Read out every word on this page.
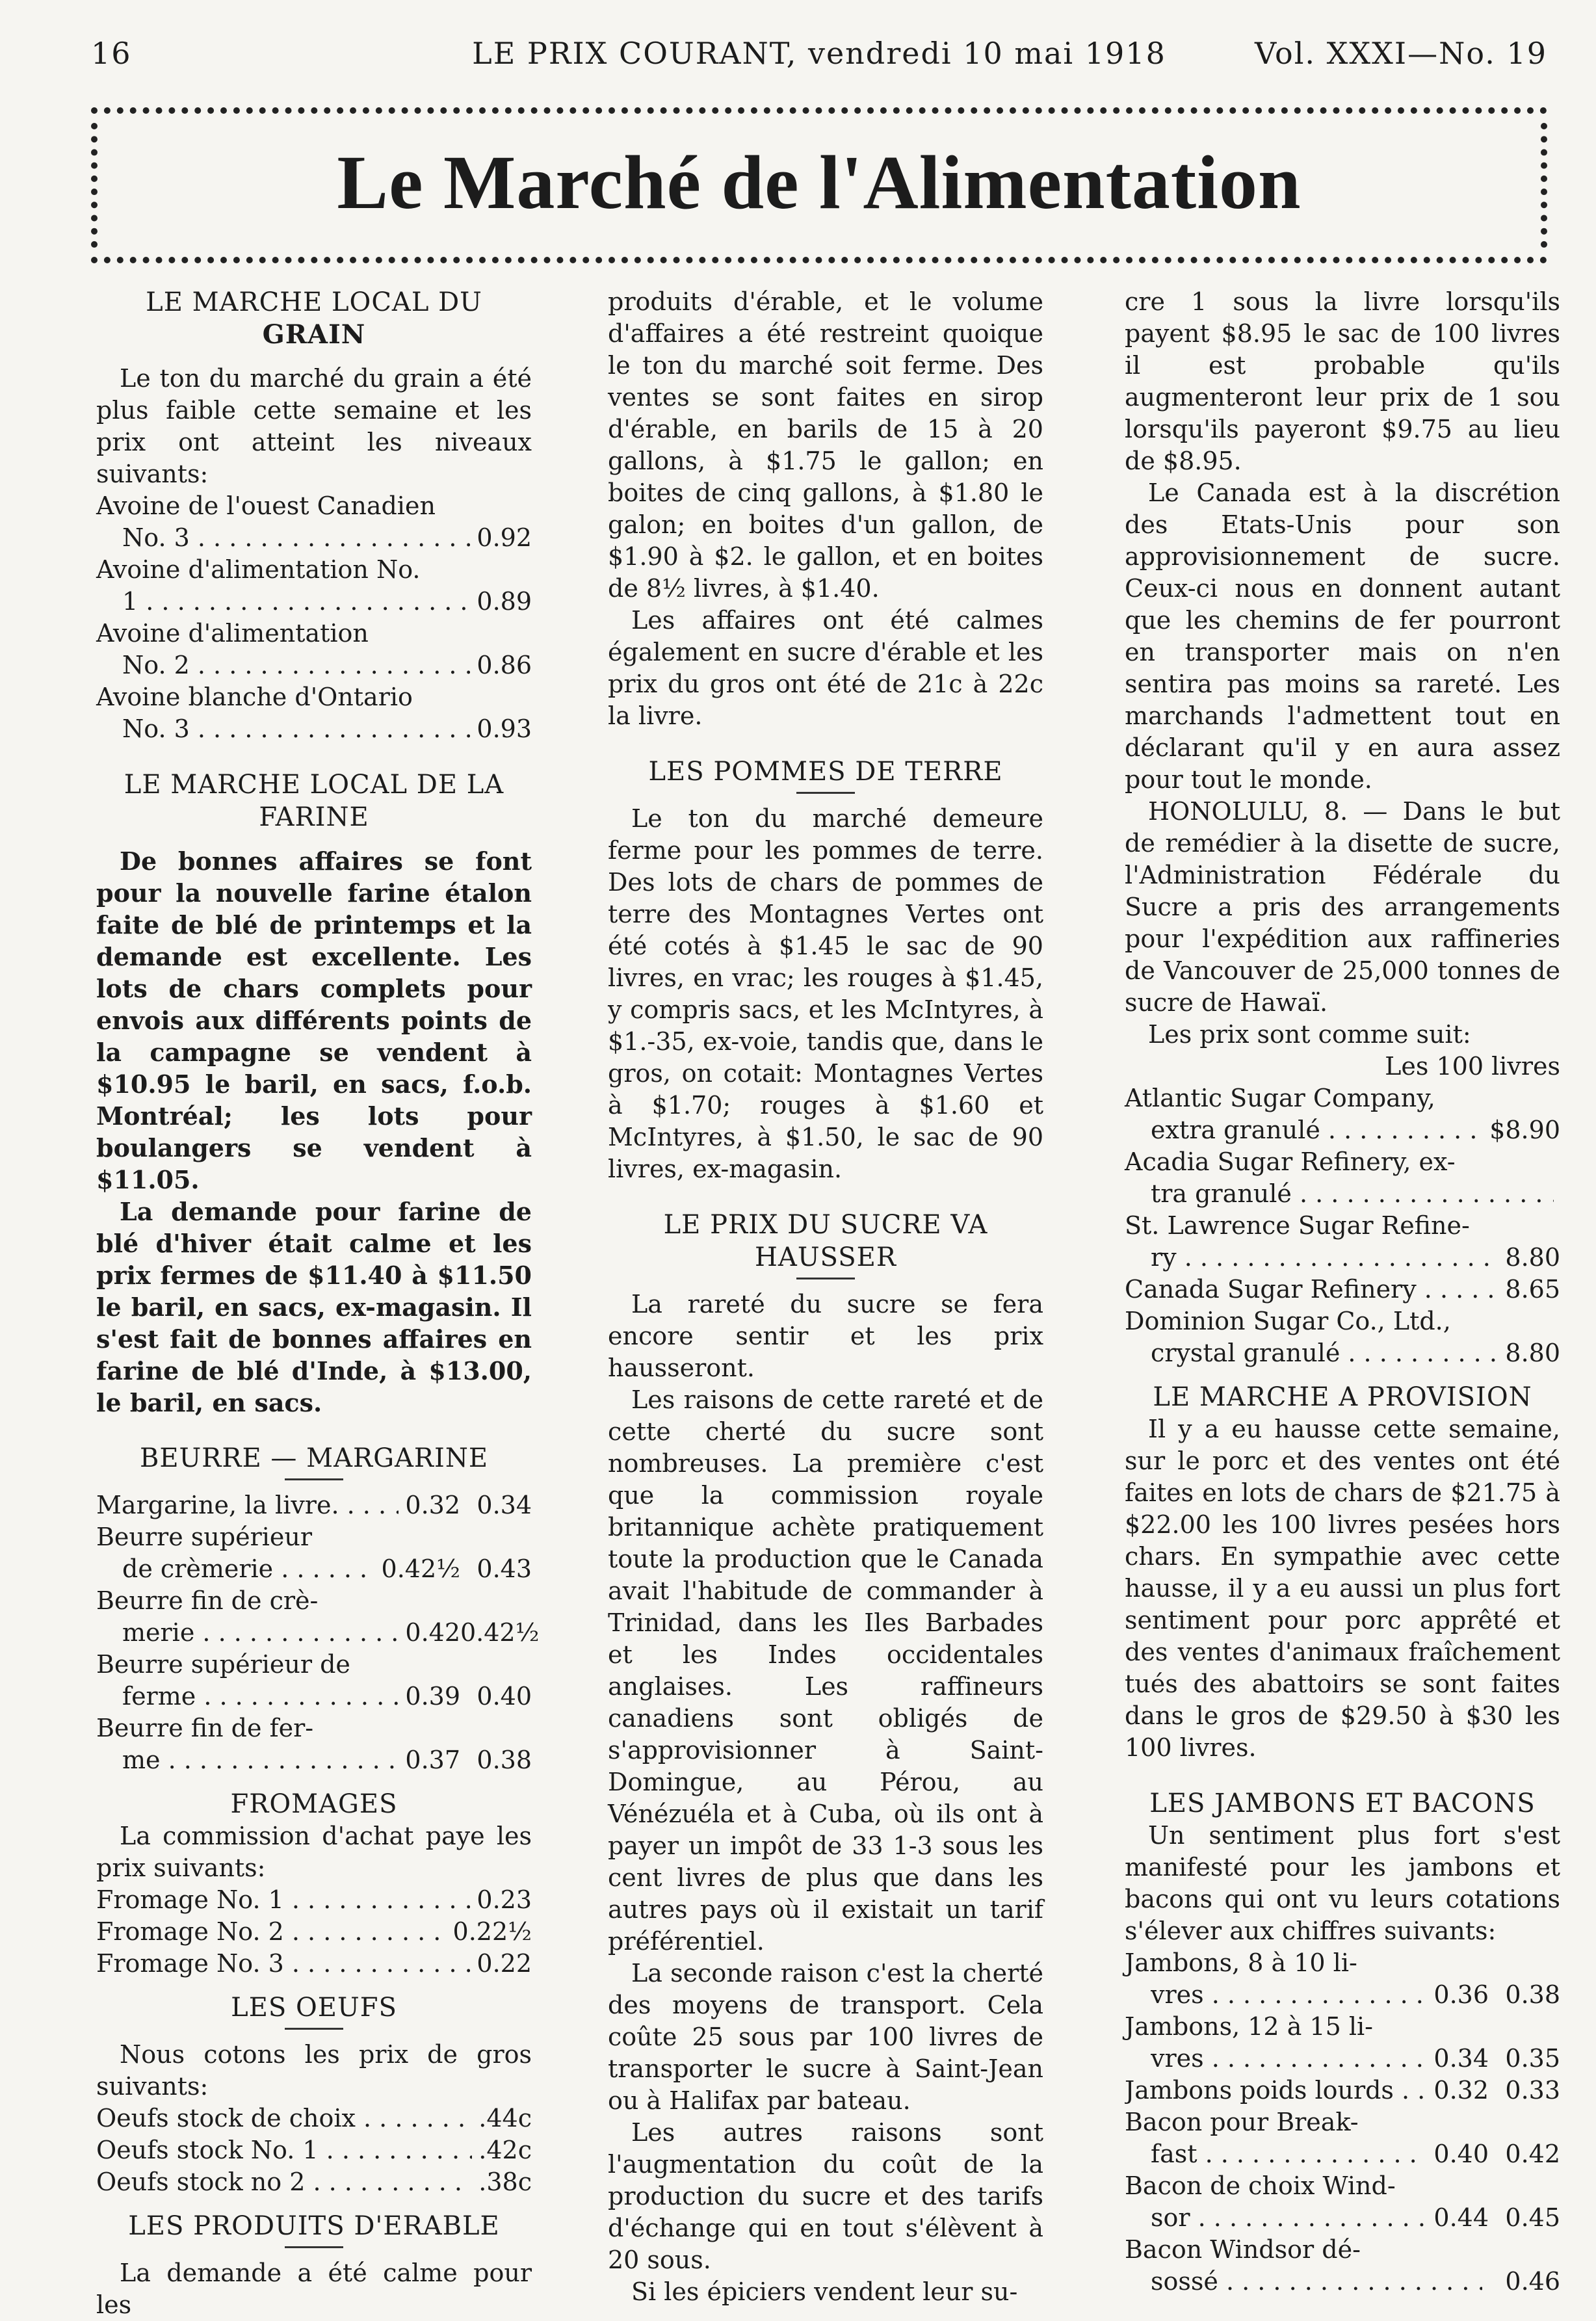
16	LE PRIX COURANT, vendredi 10 mai 1918	Vol. XXXI—No. 19
Le Marché de l'Alimentation
LE MARCHE LOCAL DU
GRAIN

Le ton du marché du grain a été plus faible cette semaine et les prix ont atteint les niveaux suivants:

Avoine de l'ouest Canadien
No. 3 . . .	0.92
Avoine d'alimentation No.
1 . . .	0.89
Avoine d'alimentation
No. 2 . . .	0.86
Avoine blanche d'Ontario
No. 3 . . .	0.93
LE MARCHE LOCAL DE LA FARINE

De bonnes affaires se font pour la nouvelle farine étalon faite de blé de printemps et la demande est excellente. Les lots de chars complets pour envois aux différents points de la campagne se vendent à $10.95 le baril, en sacs, f.o.b. Montréal; les lots pour boulangers se vendent à $11.05.

La demande pour farine de blé d'hiver était calme et les prix fermes de $11.40 à $11.50 le baril, en sacs, ex-magasin. Il s'est fait de bonnes affaires en farine de blé d'Inde, à $13.00, le baril, en sacs.

BEURRE — MARGARINE
Margarine, la livre. . . .	0.32 0.34
Beurre supérieur
de crèmerie . . .	0.42½ 0.43
Beurre fin de crè-
merie . . .	0.42 0.42½
Beurre supérieur de
ferme . . .	0.39 0.40
Beurre fin de fer-
me . . .	0.37 0.38
FROMAGES

La commission d'achat paye les prix suivants:

Fromage No. 1 . . .	0.23
Fromage No. 2 . . .	0.22½
Fromage No. 3 . . .	0.22
LES OEUFS

Nous cotons les prix de gros suivants:

Oeufs stock de choix . . .	.44c
Oeufs stock No. 1 . . .	.42c
Oeufs stock no 2 . . .	.38c
LES PRODUITS D'ERABLE

La demande a été calme pour les

produits d'érable, et le volume d'affaires a été restreint quoique le ton du marché soit ferme. Des ventes se sont faites en sirop d'érable, en barils de 15 à 20 gallons, à $1.75 le gallon; en boites de cinq gallons, à $1.80 le galon; en boites d'un gallon, de $1.90 à $2. le gallon, et en boites de 8½ livres, à $1.40.

Les affaires ont été calmes également en sucre d'érable et les prix du gros ont été de 21c à 22c la livre.

LES POMMES DE TERRE

Le ton du marché demeure ferme pour les pommes de terre. Des lots de chars de pommes de terre des Montagnes Vertes ont été cotés à $1.45 le sac de 90 livres, en vrac; les rouges à $1.45, y compris sacs, et les McIntyres, à $1.-35, ex-voie, tandis que, dans le gros, on cotait: Montagnes Vertes à $1.70; rouges à $1.60 et McIntyres, à $1.50, le sac de 90 livres, ex-magasin.

LE PRIX DU SUCRE VA HAUSSER

La rareté du sucre se fera encore sentir et les prix hausseront.

Les raisons de cette rareté et de cette cherté du sucre sont nombreuses. La première c'est que la commission royale britannique achète pratiquement toute la production que le Canada avait l'habitude de commander à Trinidad, dans les Iles Barbades et les Indes occidentales anglaises. Les raffineurs canadiens sont obligés de s'approvisionner à Saint-Domingue, au Pérou, au Vénézuéla et à Cuba, où ils ont à payer un impôt de 33 1-3 sous les cent livres de plus que dans les autres pays où il existait un tarif préférentiel.

La seconde raison c'est la cherté des moyens de transport. Cela coûte 25 sous par 100 livres de transporter le sucre à Saint-Jean ou à Halifax par bateau.

Les autres raisons sont l'augmentation du coût de la production du sucre et des tarifs d'échange qui en tout s'élèvent à 20 sous.

Si les épiciers vendent leur su-

cre 1 sous la livre lorsqu'ils payent $8.95 le sac de 100 livres il est probable qu'ils augmenteront leur prix de 1 sou lorsqu'ils payeront $9.75 au lieu de $8.95.

Le Canada est à la discrétion des Etats-Unis pour son approvisionnement de sucre. Ceux-ci nous en donnent autant que les chemins de fer pourront en transporter mais on n'en sentira pas moins sa rareté. Les marchands l'admettent tout en déclarant qu'il y en aura assez pour tout le monde.

HONOLULU, 8. — Dans le but de remédier à la disette de sucre, l'Administration Fédérale du Sucre a pris des arrangements pour l'expédition aux raffineries de Vancouver de 25,000 tonnes de sucre de Hawaï.

Les prix sont comme suit:

Les 100 livres
Atlantic Sugar Company,
extra granulé . . .	$8.90
Acadia Sugar Refinery, ex-
tra granulé . . .
St. Lawrence Sugar Refine-
ry . . .	8.80
Canada Sugar Refinery . . .	8.65
Dominion Sugar Co., Ltd.,
crystal granulé . . .	8.80
LE MARCHE A PROVISION

Il y a eu hausse cette semaine, sur le porc et des ventes ont été faites en lots de chars de $21.75 à $22.00 les 100 livres pesées hors chars. En sympathie avec cette hausse, il y a eu aussi un plus fort sentiment pour porc apprêté et des ventes d'animaux fraîchement tués des abattoirs se sont faites dans le gros de $29.50 à $30 les 100 livres.

LES JAMBONS ET BACONS

Un sentiment plus fort s'est manifesté pour les jambons et bacons qui ont vu leurs cotations s'élever aux chiffres suivants:

Jambons, 8 à 10 li-
vres . . .	0.36 0.38
Jambons, 12 à 15 li-
vres . . .	0.34 0.35
Jambons poids lourds . . .	0.32 0.33
Bacon pour Break-
fast . . .	0.40 0.42
Bacon de choix Wind-
sor . . .	0.44 0.45
Bacon Windsor dé-
sossé . . .	0.46
